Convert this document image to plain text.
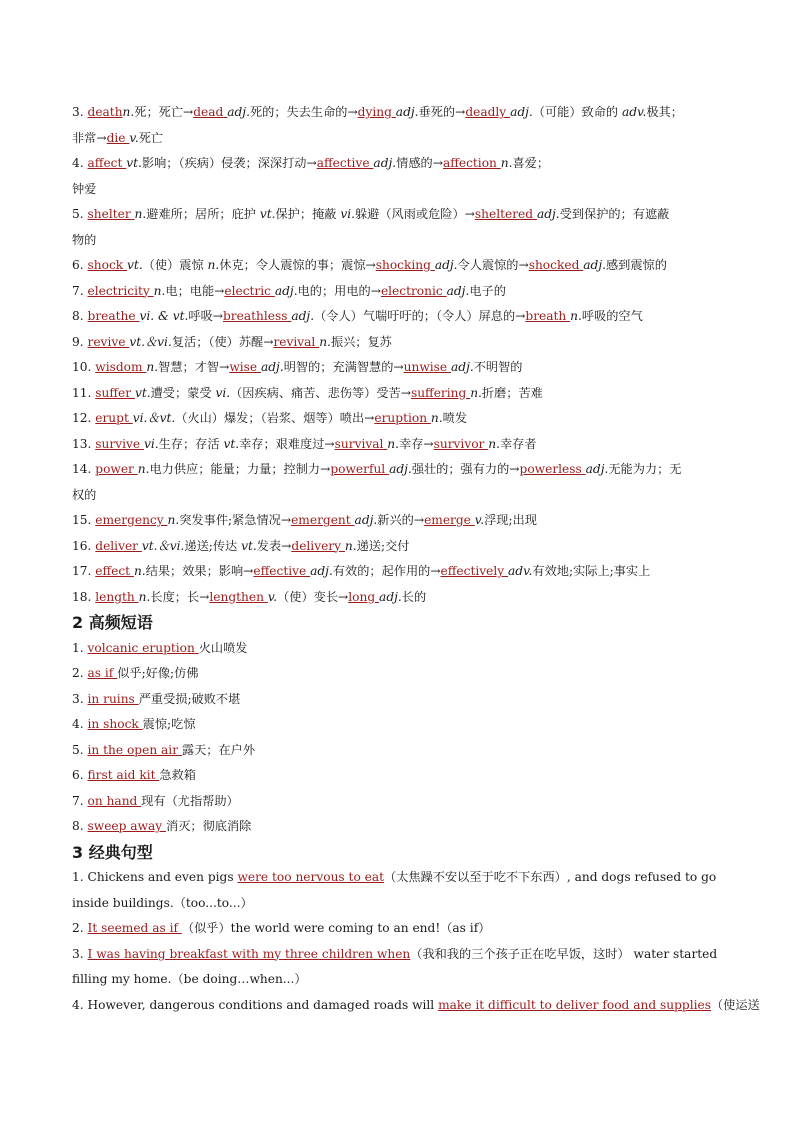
3. deathn.死；死亡→dead adj.死的；失去生命的→dying adj.垂死的→deadly adj.（可能）致命的 adv.极其；
非常→die v.死亡
4. affect vt.影响；（疾病）侵袭；深深打动→affective adj.情感的→affection n.喜爱；
钟爱
5. shelter n.避难所；居所；庇护 vt.保护；掩蔽 vi.躲避（风雨或危险）→sheltered adj.受到保护的；有遮蔽
物的
6. shock vt.（使）震惊 n.休克；令人震惊的事；震惊→shocking adj.令人震惊的→shocked adj.感到震惊的
7. electricity n.电；电能→electric adj.电的；用电的→electronic adj.电子的
8. breathe vi. & vt.呼吸→breathless adj.（令人）气喘吁吁的；（令人）屏息的→breath n.呼吸的空气
9. revive vt.＆vi.复活；（使）苏醒→revival n.振兴；复苏
10. wisdom n.智慧；才智→wise adj.明智的；充满智慧的→unwise adj.不明智的
11. suffer vt.遭受；蒙受 vi.（因疾病、痛苦、悲伤等）受苦→suffering n.折磨；苦难
12. erupt vi.＆vt.（火山）爆发；（岩浆、烟等）喷出→eruption n.喷发
13. survive vi.生存；存活 vt.幸存；艰难度过→survival n.幸存→survivor n.幸存者
14. power n.电力供应；能量；力量；控制力→powerful adj.强壮的；强有力的→powerless adj.无能为力；无
权的
15. emergency n.突发事件;紧急情况→emergent adj.新兴的→emerge v.浮现;出现
16. deliver vt.＆vi.递送;传达 vt.发表→delivery n.递送;交付
17. effect n.结果；效果；影响→effective adj.有效的；起作用的→effectively adv.有效地;实际上;事实上
18. length n.长度；长→lengthen v.（使）变长→long adj.长的
2 高频短语
1. volcanic eruption 火山喷发
2. as if 似乎;好像;仿佛
3. in ruins 严重受损;破败不堪
4. in shock 震惊;吃惊
5. in the open air 露天；在户外
6. first aid kit 急救箱
7. on hand 现有（尤指帮助）
8. sweep away 消灭；彻底消除
3 经典句型
1. Chickens and even pigs were too nervous to eat（太焦躁不安以至于吃不下东西）, and dogs refused to go
inside buildings.（too...to...）
2. It seemed as if （似乎）the world were coming to an end!（as if）
3. I was having breakfast with my three children when（我和我的三个孩子正在吃早饭，这时） water started
filling my home.（be doing…when...）
4. However, dangerous conditions and damaged roads will make it difficult to deliver food and supplies（使运送
